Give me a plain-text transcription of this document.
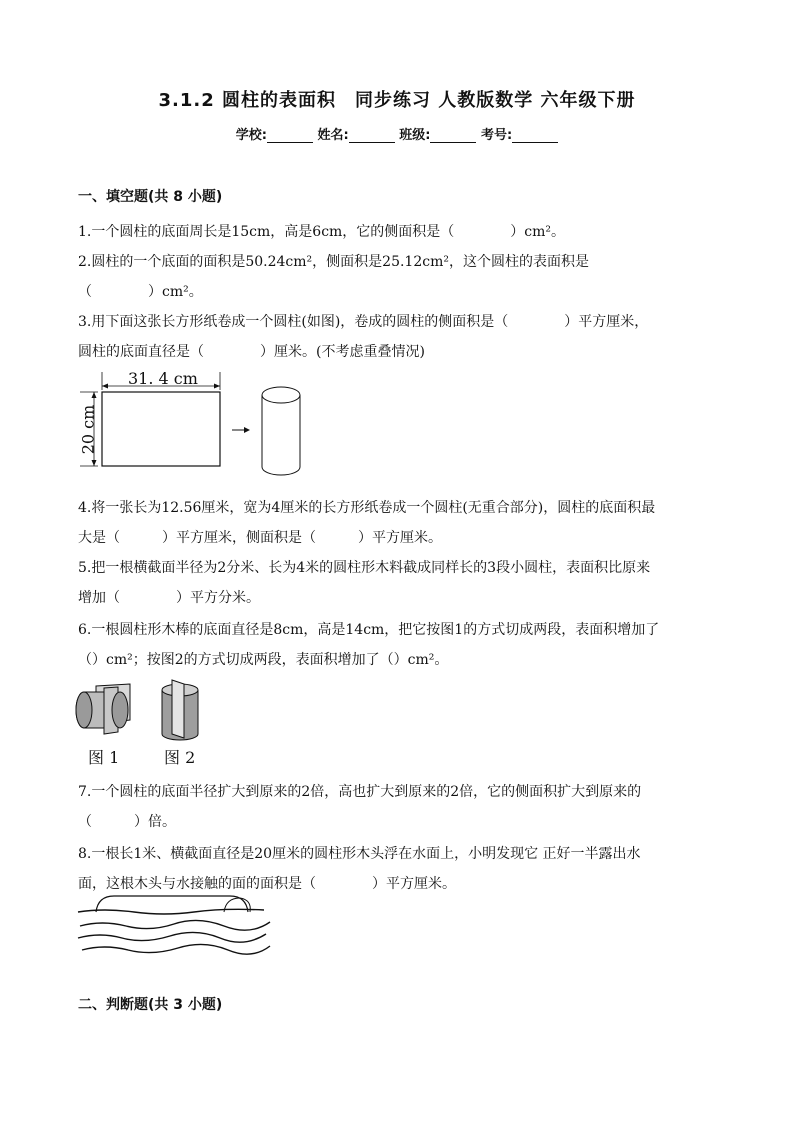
3.1.2 圆柱的表面积　同步练习 人教版数学 六年级下册
学校:	姓名:	班级:	考号:
一、填空题(共 8 小题)
1.一个圆柱的底面周长是15cm，高是6cm，它的侧面积是（　　　　）cm²。
2.圆柱的一个底面的面积是50.24cm²，侧面积是25.12cm²，这个圆柱的表面积是
（　　　　）cm²。
3.用下面这张长方形纸卷成一个圆柱(如图)，卷成的圆柱的侧面积是（　　　　）平方厘米，
圆柱的底面直径是（　　　　）厘米。(不考虑重叠情况)
31. 4 cm
20 cm
4.将一张长为12.56厘米，宽为4厘米的长方形纸卷成一个圆柱(无重合部分)，圆柱的底面积最
大是（　　　）平方厘米，侧面积是（　　　）平方厘米。
5.把一根横截面半径为2分米、长为4米的圆柱形木料截成同样长的3段小圆柱，表面积比原来
增加（　　　　）平方分米。
6.一根圆柱形木棒的底面直径是8cm，高是14cm，把它按图1的方式切成两段，表面积增加了
（）cm²；按图2的方式切成两段，表面积增加了（）cm²。
图 1	图 2
7.一个圆柱的底面半径扩大到原来的2倍，高也扩大到原来的2倍，它的侧面积扩大到原来的
（　　　）倍。
8.一根长1米、横截面直径是20厘米的圆柱形木头浮在水面上，小明发现它 正好一半露出水
面，这根木头与水接触的面的面积是（　　　　）平方厘米。
二、判断题(共 3 小题)
